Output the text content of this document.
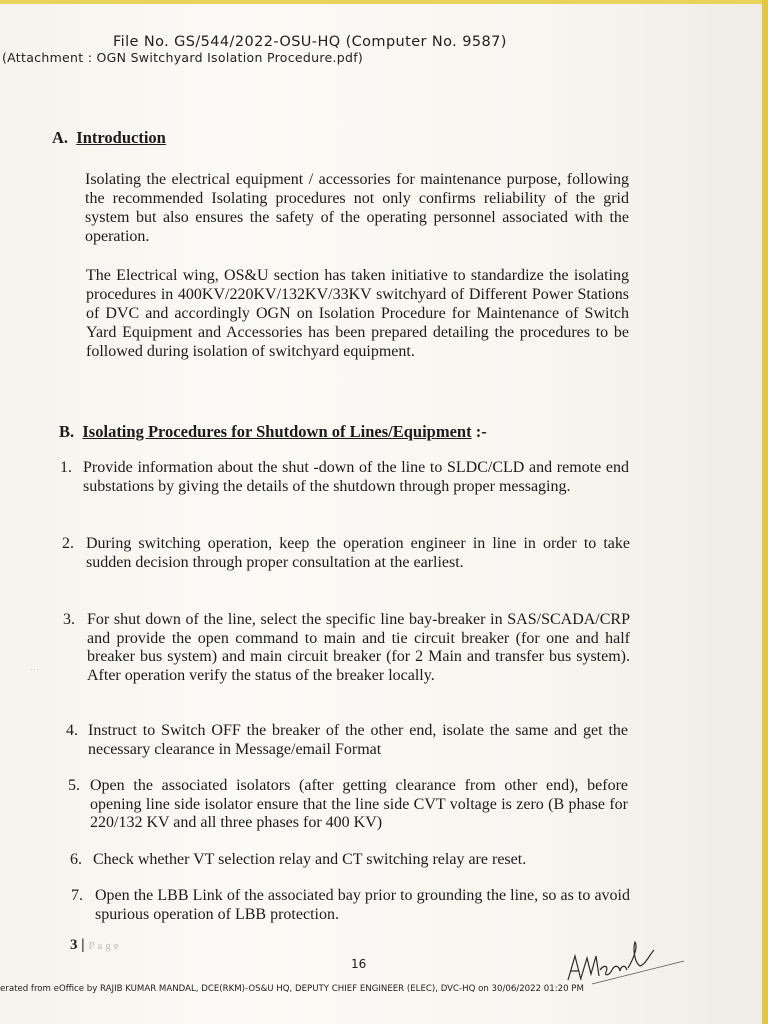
File No. GS/544/2022-OSU-HQ (Computer No. 9587)
(Attachment : OGN Switchyard Isolation Procedure.pdf)
A. Introduction
Isolating the electrical equipment / accessories for maintenance purpose, following the recommended Isolating procedures not only confirms reliability of the grid system but also ensures the safety of the operating personnel associated with the operation.
The Electrical wing, OS&U section has taken initiative to standardize the isolating procedures in 400KV/220KV/132KV/33KV switchyard of Different Power Stations of DVC and accordingly OGN on Isolation Procedure for Maintenance of Switch Yard Equipment and Accessories has been prepared detailing the procedures to be followed during isolation of switchyard equipment.
B. Isolating Procedures for Shutdown of Lines/Equipment :-
1. Provide information about the shut -down of the line to SLDC/CLD and remote end substations by giving the details of the shutdown through proper messaging.
2. During switching operation, keep the operation engineer in line in order to take sudden decision through proper consultation at the earliest.
3. For shut down of the line, select the specific line bay-breaker in SAS/SCADA/CRP and provide the open command to main and tie circuit breaker (for one and half breaker bus system) and main circuit breaker (for 2 Main and transfer bus system). After operation verify the status of the breaker locally.
4. Instruct to Switch OFF the breaker of the other end, isolate the same and get the necessary clearance in Message/email Format
5. Open the associated isolators (after getting clearance from other end), before opening line side isolator ensure that the line side CVT voltage is zero (B phase for 220/132 KV and all three phases for 400 KV)
6. Check whether VT selection relay and CT switching relay are reset.
7. Open the LBB Link of the associated bay prior to grounding the line, so as to avoid spurious operation of LBB protection.
⋯
3 | Page
16
erated from eOffice by RAJIB KUMAR MANDAL, DCE(RKM)-OS&U HQ, DEPUTY CHIEF ENGINEER (ELEC), DVC-HQ on 30/06/2022 01:20 PM
